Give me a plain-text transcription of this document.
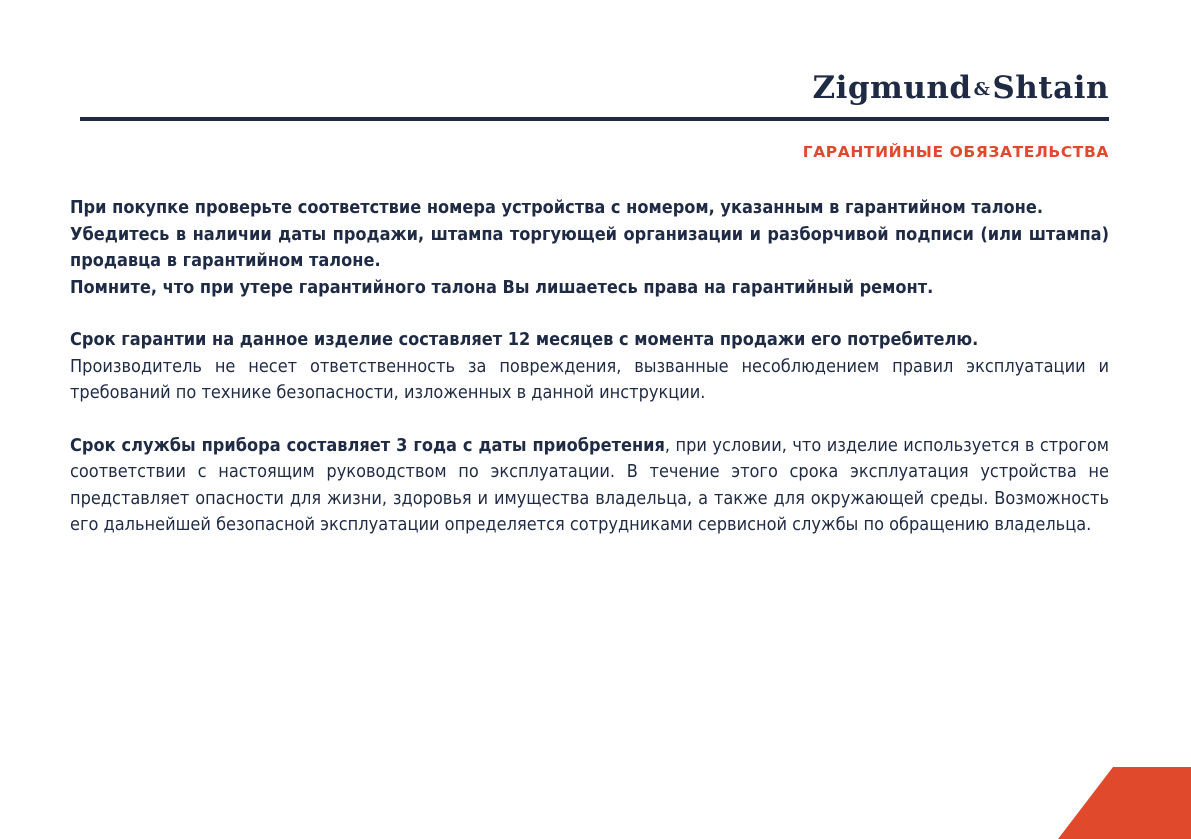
Zigmund &Shtain
ГАРАНТИЙНЫЕ ОБЯЗАТЕЛЬСТВА

При покупке проверьте соответствие номера устройства с номером, указанным в гарантийном талоне.

Убедитесь в наличии даты продажи, штампа торгующей организации и разборчивой подписи (или штампа) продавца в гарантийном талоне.

Помните, что при утере гарантийного талона Вы лишаетесь права на гарантийный ремонт.

Срок гарантии на данное изделие составляет 12 месяцев с момента продажи его потребителю.

Производитель не несет ответственность за повреждения, вызванные несоблюдением правил эксплуатации и требований по технике безопасности, изложенных в данной инструкции.

Срок службы прибора составляет 3 года с даты приобретения, при условии, что изделие используется в строгом соответствии с настоящим руководством по эксплуатации. В течение этого срока эксплуатация устройства не представляет опасности для жизни, здоровья и имущества владельца, а также для окружающей среды. Возможность его дальнейшей безопасной эксплуатации определяется сотрудниками сервисной службы по обращению владельца.
